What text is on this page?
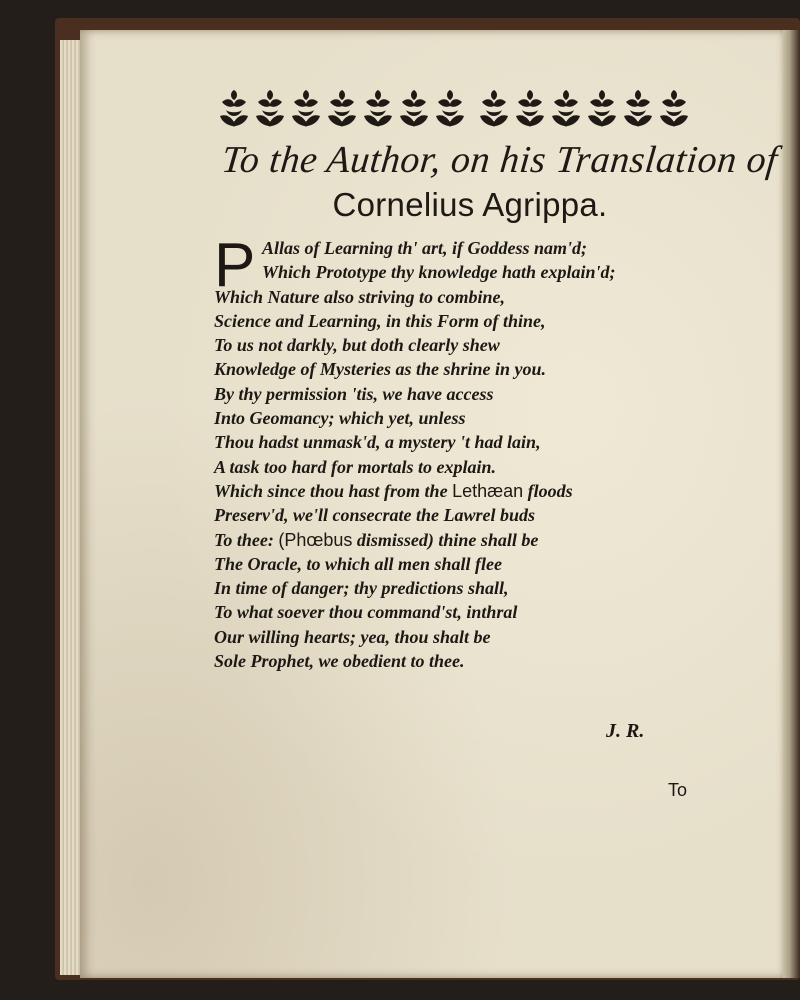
To the Author, on his Translation of
Cornelius Agrippa.
P Allas of Learning th' art, if Goddess nam'd;
Which Prototype thy knowledge hath explain'd;
Which Nature also striving to combine,
Science and Learning, in this Form of thine,
To us not darkly, but doth clearly shew
Knowledge of Mysteries as the shrine in you.
By thy permission 'tis, we have access
Into Geomancy; which yet, unless
Thou hadst unmask'd, a mystery 't had lain,
A task too hard for mortals to explain.
Which since thou hast from the Lethæan floods
Preserv'd, we'll consecrate the Lawrel buds
To thee: (Phœbus dismissed) thine shall be
The Oracle, to which all men shall flee
In time of danger; thy predictions shall,
To what soever thou command'st, inthral
Our willing hearts; yea, thou shalt be
Sole Prophet, we obedient to thee.
J. R.
To
